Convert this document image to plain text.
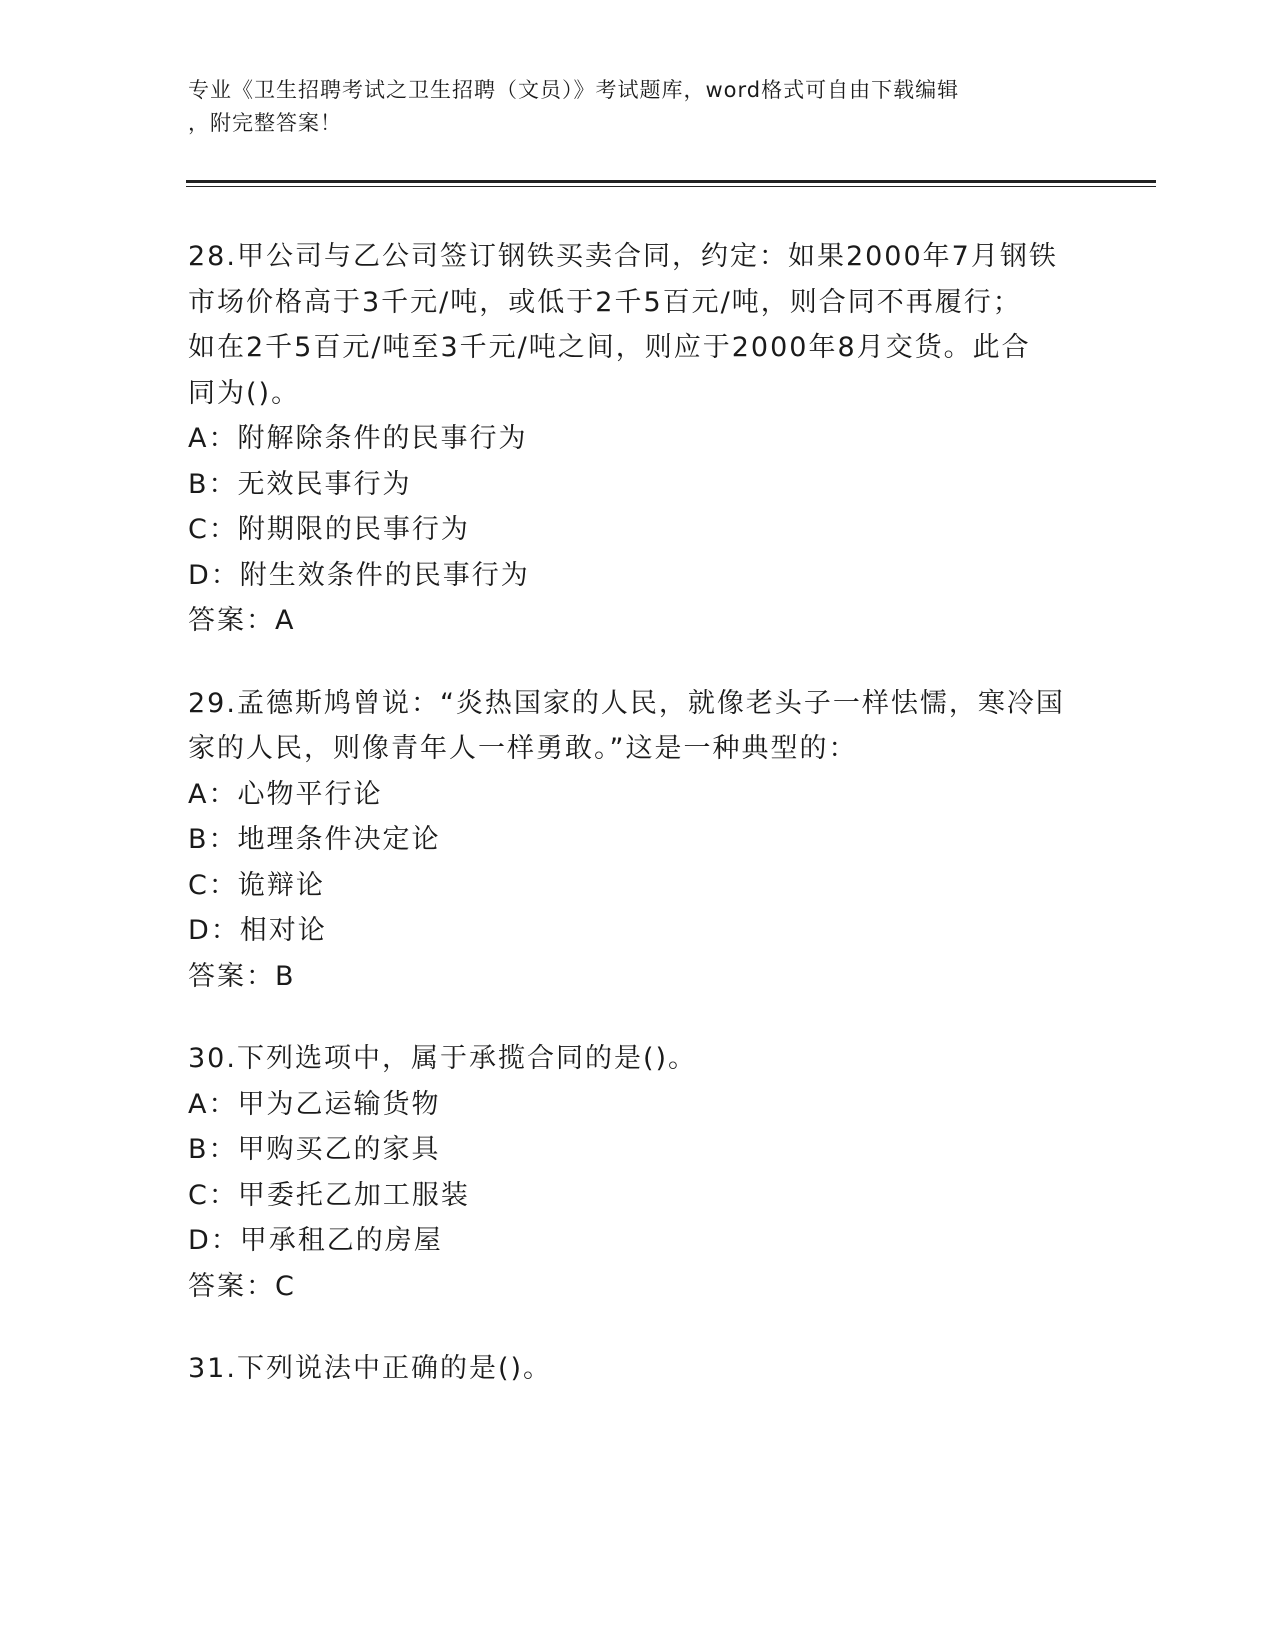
专业《卫生招聘考试之卫生招聘（文员）》考试题库，word格式可自由下载编辑
，附完整答案！
28.甲公司与乙公司签订钢铁买卖合同，约定：如果2000年7月钢铁
市场价格高于3千元/吨，或低于2千5百元/吨，则合同不再履行；
如在2千5百元/吨至3千元/吨之间，则应于2000年8月交货。此合
同为()。
A：附解除条件的民事行为
B：无效民事行为
C：附期限的民事行为
D：附生效条件的民事行为
答案：A
29.孟德斯鸠曾说：“炎热国家的人民，就像老头子一样怯懦，寒冷国
家的人民，则像青年人一样勇敢。”这是一种典型的：
A：心物平行论
B：地理条件决定论
C：诡辩论
D：相对论
答案：B
30.下列选项中，属于承揽合同的是()。
A：甲为乙运输货物
B：甲购买乙的家具
C：甲委托乙加工服装
D：甲承租乙的房屋
答案：C
31.下列说法中正确的是()。
